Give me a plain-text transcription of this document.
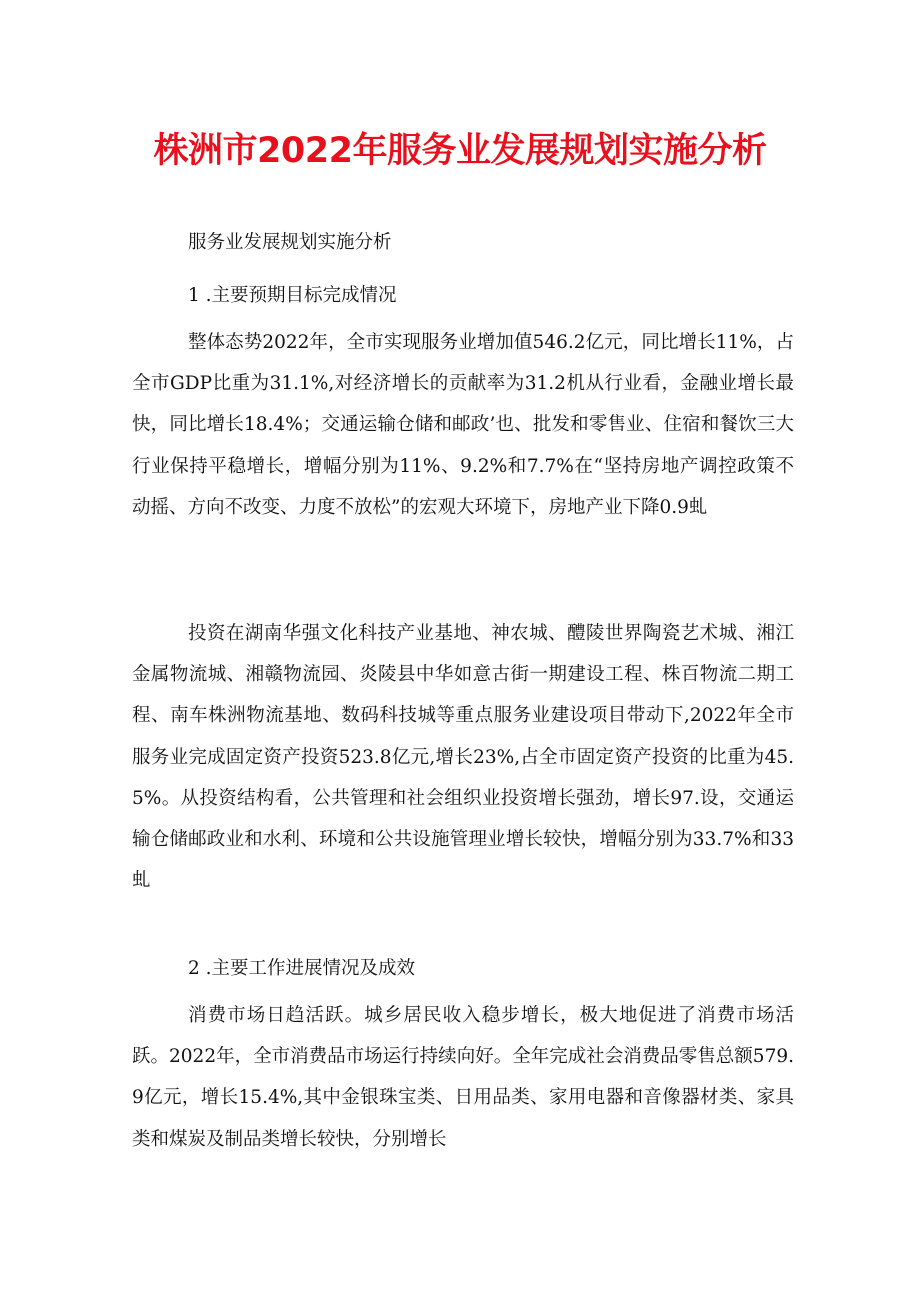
株洲市2022年服务业发展规划实施分析
服务业发展规划实施分析
1 .主要预期目标完成情况

整体态势2022年，全市实现服务业增加值546.2亿元，同比增长11%，占全市GDP比重为31.1%,对经济增长的贡献率为31.2机从行业看，金融业增长最快，同比增长18.4%；交通运输仓储和邮政’也、批发和零售业、住宿和餐饮三大行业保持平稳增长，增幅分别为11%、9.2%和7.7%在“坚持房地产调控政策不动摇、方向不改变、力度不放松”的宏观大环境下，房地产业下降0.9虬

投资在湖南华强文化科技产业基地、神农城、醴陵世界陶瓷艺术城、湘江金属物流城、湘赣物流园、炎陵县中华如意古街一期建设工程、株百物流二期工程、南车株洲物流基地、数码科技城等重点服务业建设项目带动下,2022年全市服务业完成固定资产投资523.8亿元,增长23%,占全市固定资产投资的比重为45.5%。从投资结构看，公共管理和社会组织业投资增长强劲，增长97.设，交通运输仓储邮政业和水利、环境和公共设施管理业增长较快，增幅分别为33.7%和33虬

2 .主要工作进展情况及成效

消费市场日趋活跃。城乡居民收入稳步增长，极大地促进了消费市场活跃。2022年，全市消费品市场运行持续向好。全年完成社会消费品零售总额579.9亿元，增长15.4%,其中金银珠宝类、日用品类、家用电器和音像器材类、家具类和煤炭及制品类增长较快，分别增长
